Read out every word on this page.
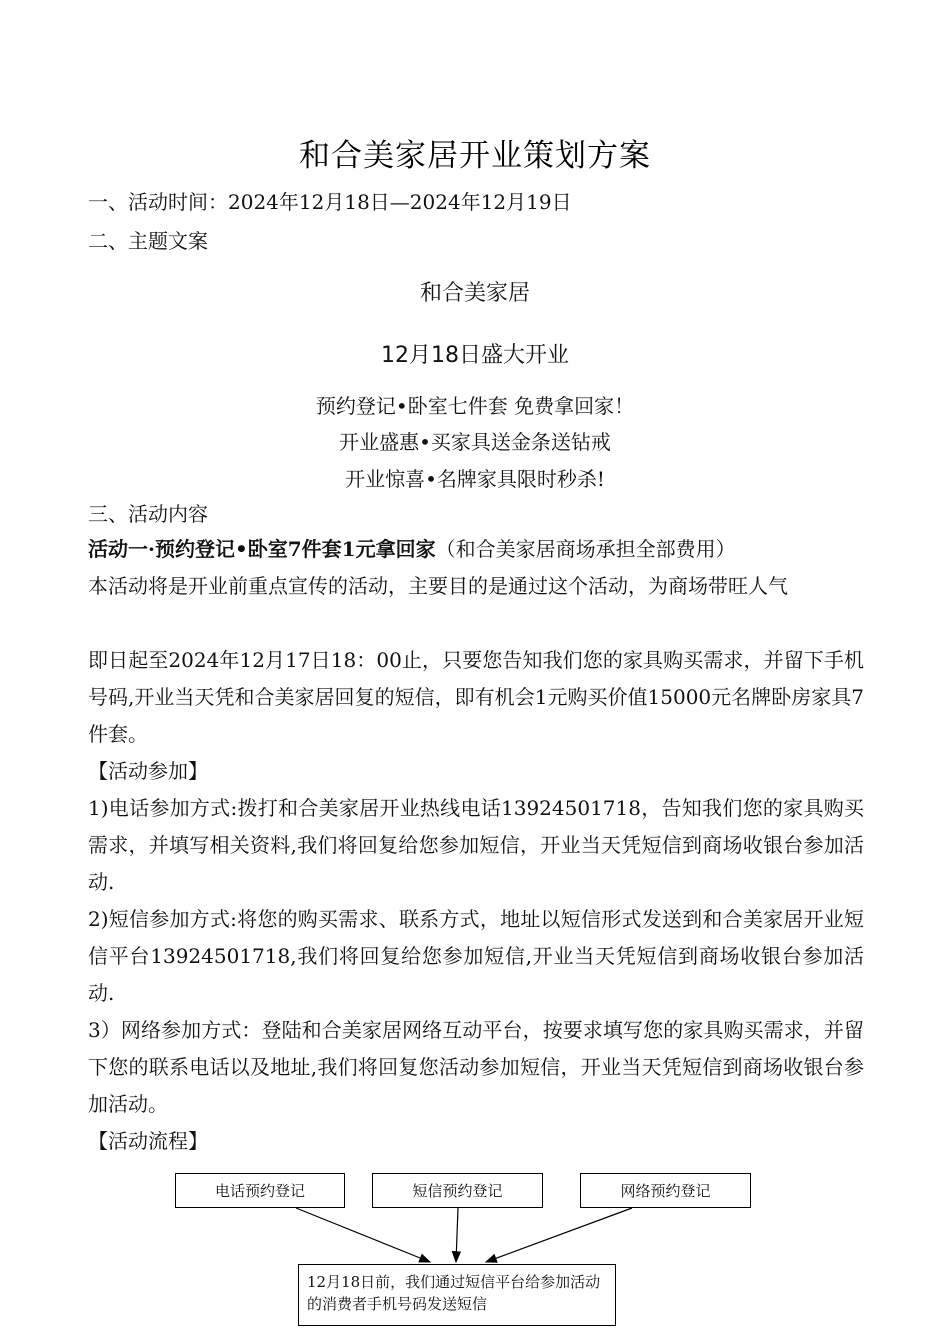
和合美家居开业策划方案
一、活动时间：2024年12月18日—2024年12月19日
二、主题文案
和合美家居
12月18日盛大开业
预约登记•卧室七件套 免费拿回家！
开业盛惠•买家具送金条送钻戒
开业惊喜•名牌家具限时秒杀!
三、活动内容
活动一·预约登记•卧室7件套1元拿回家（和合美家居商场承担全部费用）
本活动将是开业前重点宣传的活动，主要目的是通过这个活动，为商场带旺人气
即日起至2024年12月17日18：00止，只要您告知我们您的家具购买需求，并留下手机号码,开业当天凭和合美家居回复的短信，即有机会1元购买价值15000元名牌卧房家具7件套。
【活动参加】
1)电话参加方式:拨打和合美家居开业热线电话13924501718，告知我们您的家具购买需求，并填写相关资料,我们将回复给您参加短信，开业当天凭短信到商场收银台参加活动.
2)短信参加方式:将您的购买需求、联系方式，地址以短信形式发送到和合美家居开业短信平台13924501718,我们将回复给您参加短信,开业当天凭短信到商场收银台参加活动.
3）网络参加方式：登陆和合美家居网络互动平台，按要求填写您的家具购买需求，并留下您的联系电话以及地址,我们将回复您活动参加短信，开业当天凭短信到商场收银台参加活动。
【活动流程】
电话预约登记	短信预约登记	网络预约登记
12月18日前，我们通过短信平台给参加活动的消费者手机号码发送短信
